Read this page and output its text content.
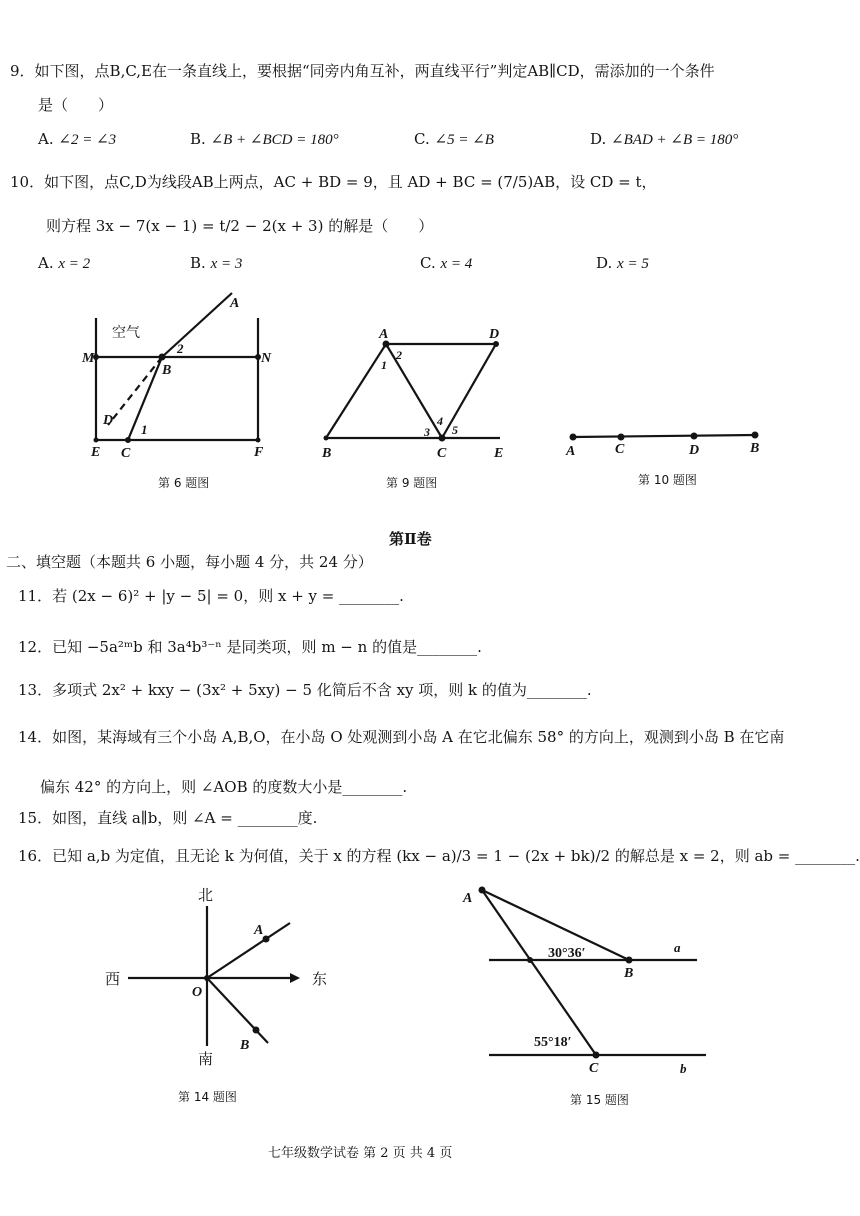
9．如下图，点B,C,E在一条直线上，要根据“同旁内角互补，两直线平行”判定AB∥CD，需添加的一个条件
是（　　）
A. ∠2 = ∠3	B. ∠B + ∠BCD = 180°	C. ∠5 = ∠B	D. ∠BAD + ∠B = 180°
10．如下图，点C,D为线段AB上两点，AC + BD = 9，且 AD + BC = (7/5)AB，设 CD = t，
则方程 3x − 7(x − 1) = t/2 − 2(x + 3) 的解是（　　）
A. x = 2	B. x = 3	C. x = 4	D. x = 5
A
M	N
B
D
E C	F
2
1
空气
第 6 题图
A	D
B	C	E
1
2
3
4
5
第 9 题图
A	C	D	B
第 10 题图
第Ⅱ卷
二、填空题（本题共 6 小题，每小题 4 分，共 24 分）
11．若 (2x − 6)² + |y − 5| = 0，则 x + y = ________.
12．已知 −5a²ᵐb 和 3a⁴b³⁻ⁿ 是同类项，则 m − n 的值是________.
13．多项式 2x² + kxy − (3x² + 5xy) − 5 化简后不含 xy 项，则 k 的值为________.
14．如图，某海域有三个小岛 A,B,O，在小岛 O 处观测到小岛 A 在它北偏东 58° 的方向上，观测到小岛 B 在它南
偏东 42° 的方向上，则 ∠AOB 的度数大小是________.
15．如图，直线 a∥b，则 ∠A = ________度.
16．已知 a,b 为定值，且无论 k 为何值，关于 x 的方程 (kx − a)/3 = 1 − (2x + bk)/2 的解总是 x = 2，则 ab = ________.
北
西	东
南
A
O
B
第 14 题图
A
B
C
a
b
30°36′
55°18′
第 15 题图
七年级数学试卷 第 2 页 共 4 页
